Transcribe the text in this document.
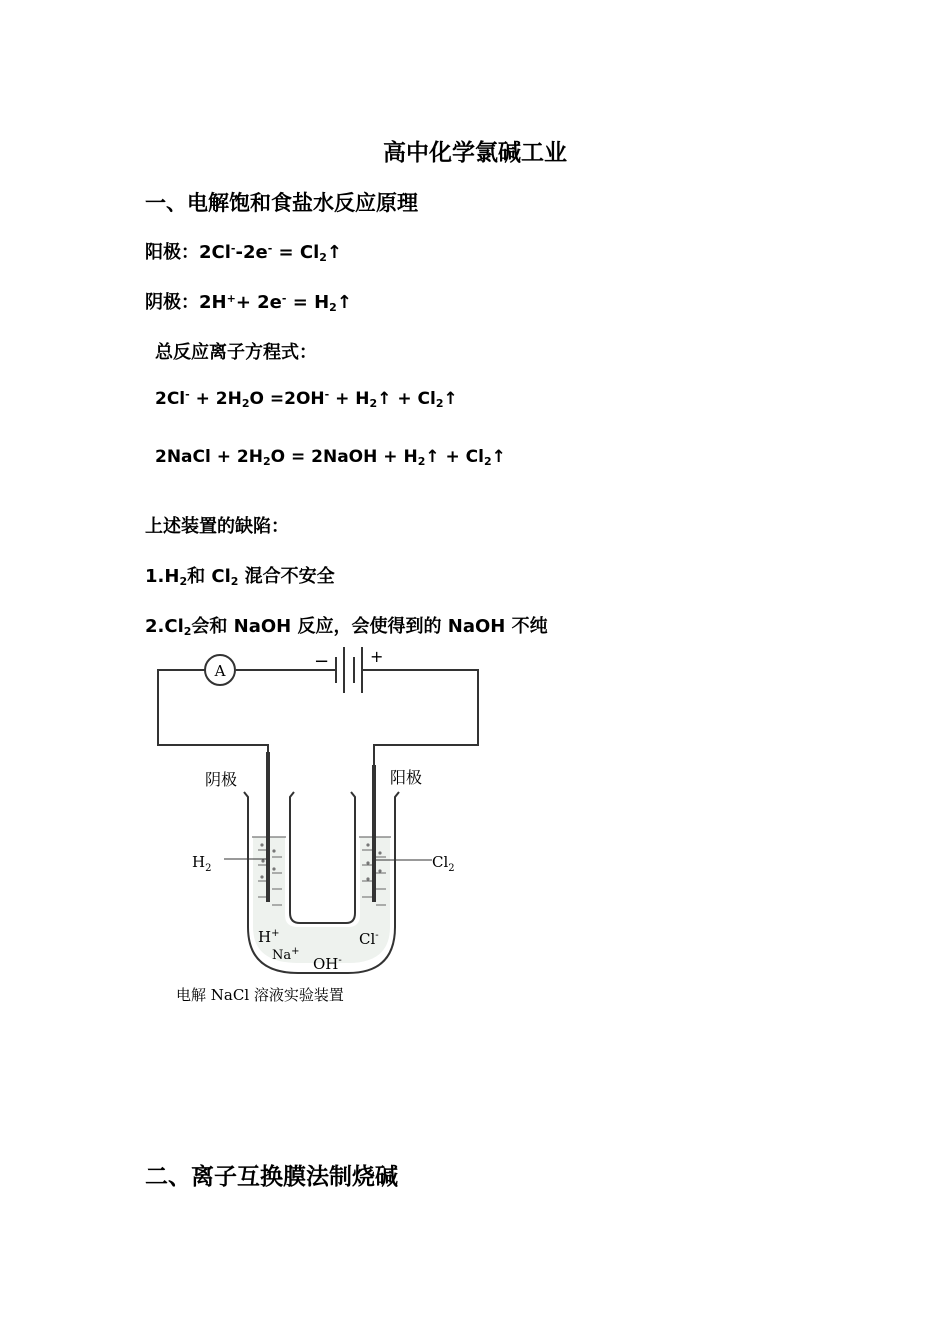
高中化学氯碱工业
一、电解饱和食盐水反应原理
阳极：$2Cl^--2e^- = Cl_2↑$
阴极：$2H^++ 2e^- = H_2↑$
总反应离子方程式：
$2Cl^- + 2H_2O =2OH^-$ + $H_2↑$ + $Cl_2↑$
2NaCl + $2H_2O$ = 2NaOH + $H_2↑$ + $Cl_2↑$
上述装置的缺陷：
$1.H_2$和 $Cl_2$ 混合不安全
$2.Cl_2$会和 NaOH 反应，会使得到的 NaOH 不纯
A	−	+
阴极	阳极
$H_2$	$Cl_2$
H+
Na+
Cl-
OH-
电解 NaCl 溶液实验装置
二、离子互换膜法制烧碱
